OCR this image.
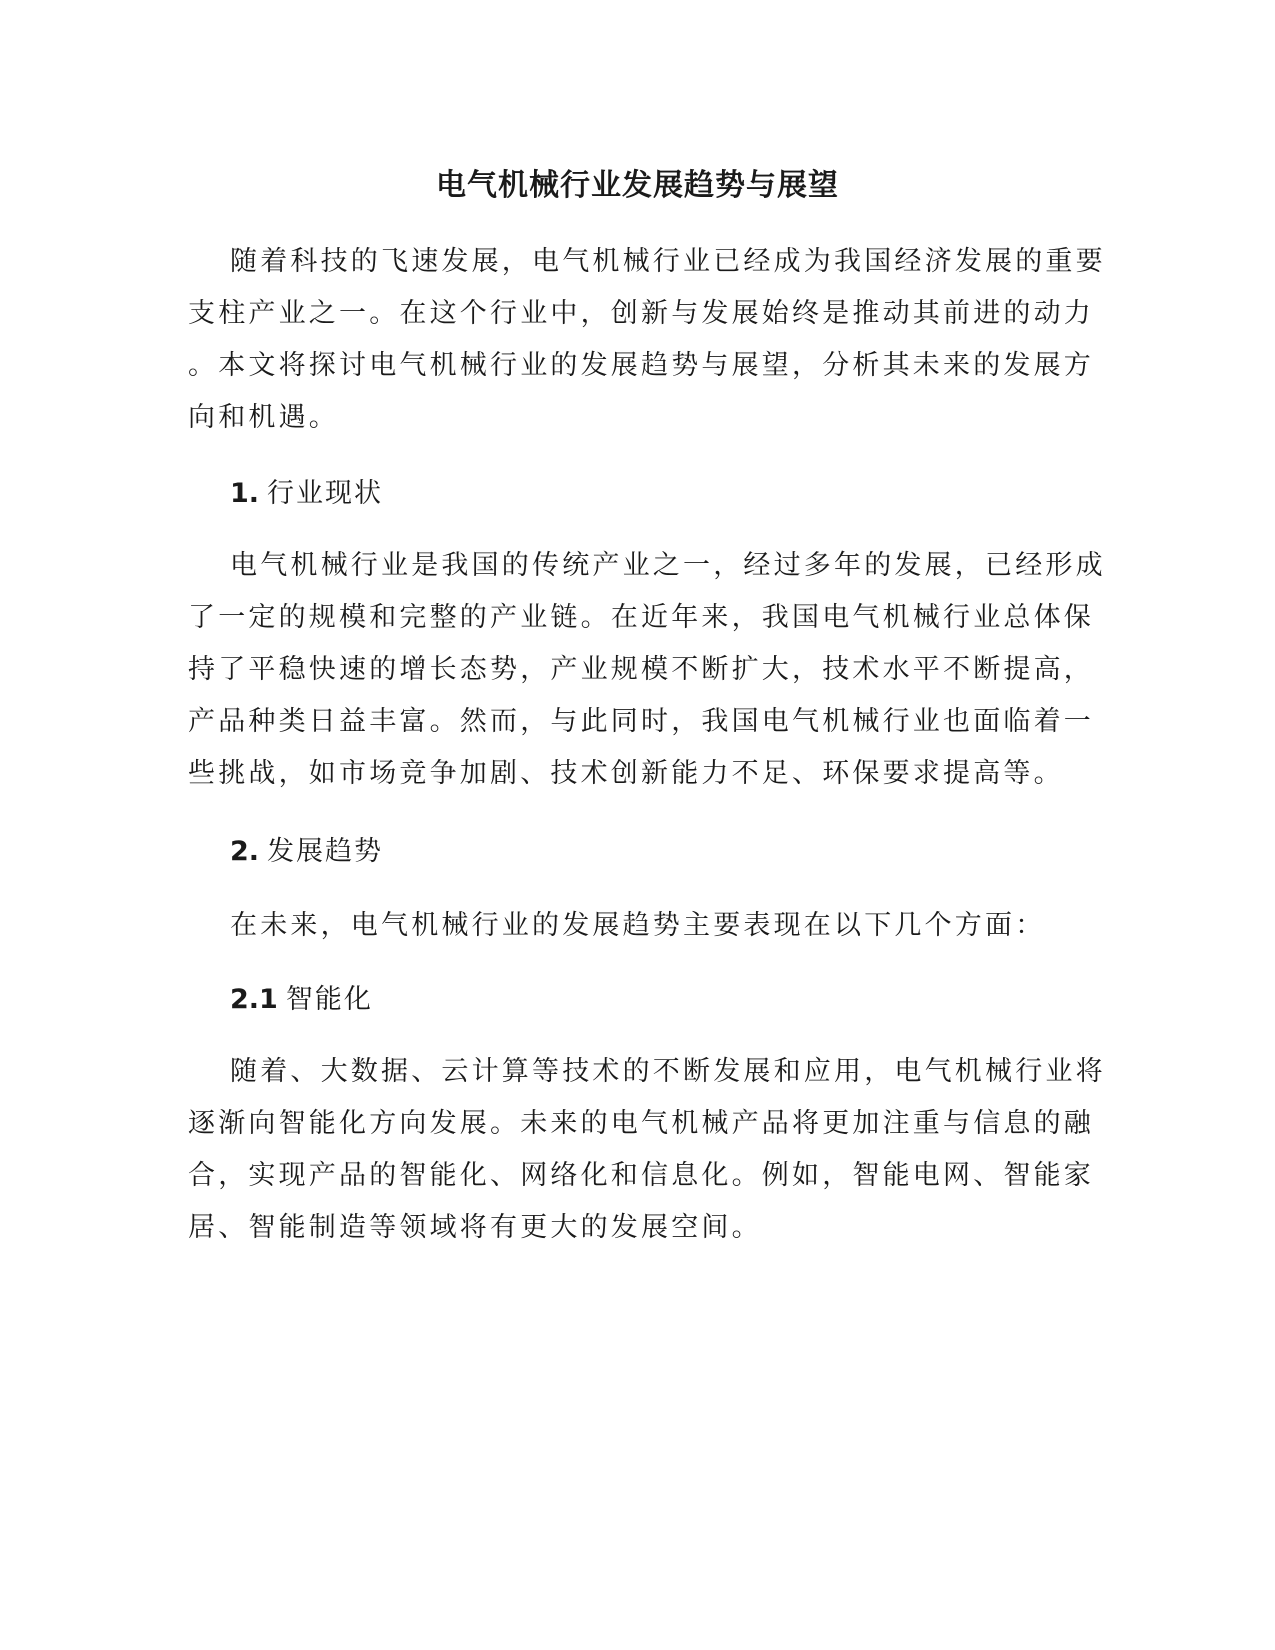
电气机械行业发展趋势与展望
随着科技的飞速发展，电气机械行业已经成为我国经济发展的重要
支柱产业之一。在这个行业中，创新与发展始终是推动其前进的动力
。本文将探讨电气机械行业的发展趋势与展望，分析其未来的发展方
向和机遇。
1. 行业现状
电气机械行业是我国的传统产业之一，经过多年的发展，已经形成
了一定的规模和完整的产业链。在近年来，我国电气机械行业总体保
持了平稳快速的增长态势，产业规模不断扩大，技术水平不断提高，
产品种类日益丰富。然而，与此同时，我国电气机械行业也面临着一
些挑战，如市场竞争加剧、技术创新能力不足、环保要求提高等。
2. 发展趋势
在未来，电气机械行业的发展趋势主要表现在以下几个方面：
2.1 智能化
随着、大数据、云计算等技术的不断发展和应用，电气机械行业将
逐渐向智能化方向发展。未来的电气机械产品将更加注重与信息的融
合，实现产品的智能化、网络化和信息化。例如，智能电网、智能家
居、智能制造等领域将有更大的发展空间。
